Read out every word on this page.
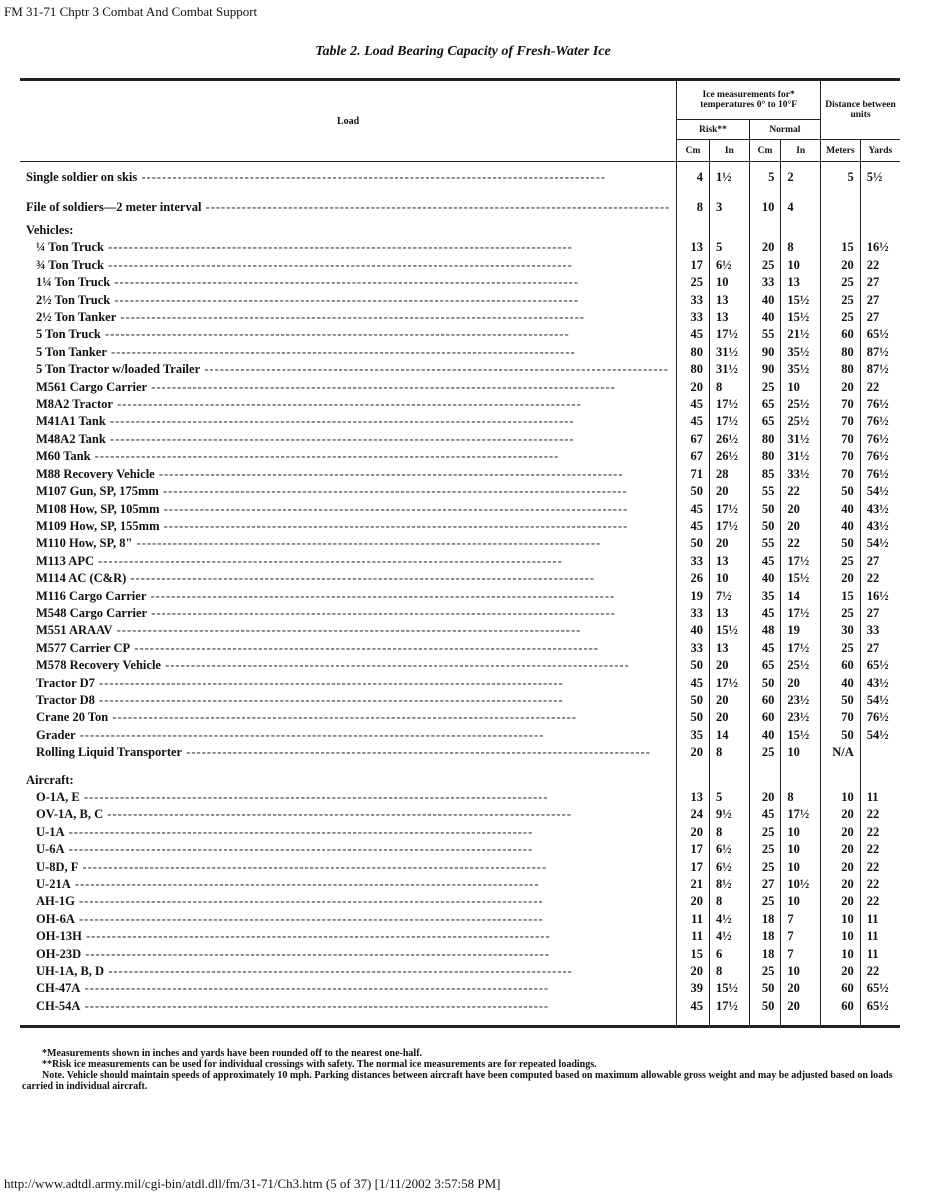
FM 31-71 Chptr 3 Combat And Combat Support
Table 2. Load Bearing Capacity of Fresh-Water Ice
Load	Ice measurements for* temperatures 0° to 10°F				Distance between units	
	Risk**		Normal			
	Cm	In	Cm	In	Meters	Yards
Single soldier on skis ------------------------------------------------------------------------------------------	4	1½	5	2	5	5½
File of soldiers—2 meter interval ------------------------------------------------------------------------------------------	8	3	10	4		
Vehicles:						
¼ Ton Truck ------------------------------------------------------------------------------------------	13	5	20	8	15	16½
¾ Ton Truck ------------------------------------------------------------------------------------------	17	6½	25	10	20	22
1¼ Ton Truck ------------------------------------------------------------------------------------------	25	10	33	13	25	27
2½ Ton Truck ------------------------------------------------------------------------------------------	33	13	40	15½	25	27
2½ Ton Tanker ------------------------------------------------------------------------------------------	33	13	40	15½	25	27
5 Ton Truck ------------------------------------------------------------------------------------------	45	17½	55	21½	60	65½
5 Ton Tanker ------------------------------------------------------------------------------------------	80	31½	90	35½	80	87½
5 Ton Tractor w/loaded Trailer ------------------------------------------------------------------------------------------	80	31½	90	35½	80	87½
M561 Cargo Carrier ------------------------------------------------------------------------------------------	20	8	25	10	20	22
M8A2 Tractor ------------------------------------------------------------------------------------------	45	17½	65	25½	70	76½
M41A1 Tank ------------------------------------------------------------------------------------------	45	17½	65	25½	70	76½
M48A2 Tank ------------------------------------------------------------------------------------------	67	26½	80	31½	70	76½
M60 Tank ------------------------------------------------------------------------------------------	67	26½	80	31½	70	76½
M88 Recovery Vehicle ------------------------------------------------------------------------------------------	71	28	85	33½	70	76½
M107 Gun, SP, 175mm ------------------------------------------------------------------------------------------	50	20	55	22	50	54½
M108 How, SP, 105mm ------------------------------------------------------------------------------------------	45	17½	50	20	40	43½
M109 How, SP, 155mm ------------------------------------------------------------------------------------------	45	17½	50	20	40	43½
M110 How, SP, 8" ------------------------------------------------------------------------------------------	50	20	55	22	50	54½
M113 APC ------------------------------------------------------------------------------------------	33	13	45	17½	25	27
M114 AC (C&R) ------------------------------------------------------------------------------------------	26	10	40	15½	20	22
M116 Cargo Carrier ------------------------------------------------------------------------------------------	19	7½	35	14	15	16½
M548 Cargo Carrier ------------------------------------------------------------------------------------------	33	13	45	17½	25	27
M551 ARAAV ------------------------------------------------------------------------------------------	40	15½	48	19	30	33
M577 Carrier CP ------------------------------------------------------------------------------------------	33	13	45	17½	25	27
M578 Recovery Vehicle ------------------------------------------------------------------------------------------	50	20	65	25½	60	65½
Tractor D7 ------------------------------------------------------------------------------------------	45	17½	50	20	40	43½
Tractor D8 ------------------------------------------------------------------------------------------	50	20	60	23½	50	54½
Crane 20 Ton ------------------------------------------------------------------------------------------	50	20	60	23½	70	76½
Grader ------------------------------------------------------------------------------------------	35	14	40	15½	50	54½
Rolling Liquid Transporter ------------------------------------------------------------------------------------------	20	8	25	10	N/A	

Aircraft:						
O-1A, E ------------------------------------------------------------------------------------------	13	5	20	8	10	11
OV-1A, B, C ------------------------------------------------------------------------------------------	24	9½	45	17½	20	22
U-1A ------------------------------------------------------------------------------------------	20	8	25	10	20	22
U-6A ------------------------------------------------------------------------------------------	17	6½	25	10	20	22
U-8D, F ------------------------------------------------------------------------------------------	17	6½	25	10	20	22
U-21A ------------------------------------------------------------------------------------------	21	8½	27	10½	20	22
AH-1G ------------------------------------------------------------------------------------------	20	8	25	10	20	22
OH-6A ------------------------------------------------------------------------------------------	11	4½	18	7	10	11
OH-13H ------------------------------------------------------------------------------------------	11	4½	18	7	10	11
OH-23D ------------------------------------------------------------------------------------------	15	6	18	7	10	11
UH-1A, B, D ------------------------------------------------------------------------------------------	20	8	25	10	20	22
CH-47A ------------------------------------------------------------------------------------------	39	15½	50	20	60	65½
CH-54A ------------------------------------------------------------------------------------------	45	17½	50	20	60	65½

*Measurements shown in inches and yards have been rounded off to the nearest one-half.

**Risk ice measurements can be used for individual crossings with safety. The normal ice measurements are for repeated loadings.

Note. Vehicle should maintain speeds of approximately 10 mph. Parking distances between aircraft have been computed based on maximum allowable gross weight and may be adjusted based on loads carried in individual aircraft.

http://www.adtdl.army.mil/cgi-bin/atdl.dll/fm/31-71/Ch3.htm (5 of 37) [1/11/2002 3:57:58 PM]
